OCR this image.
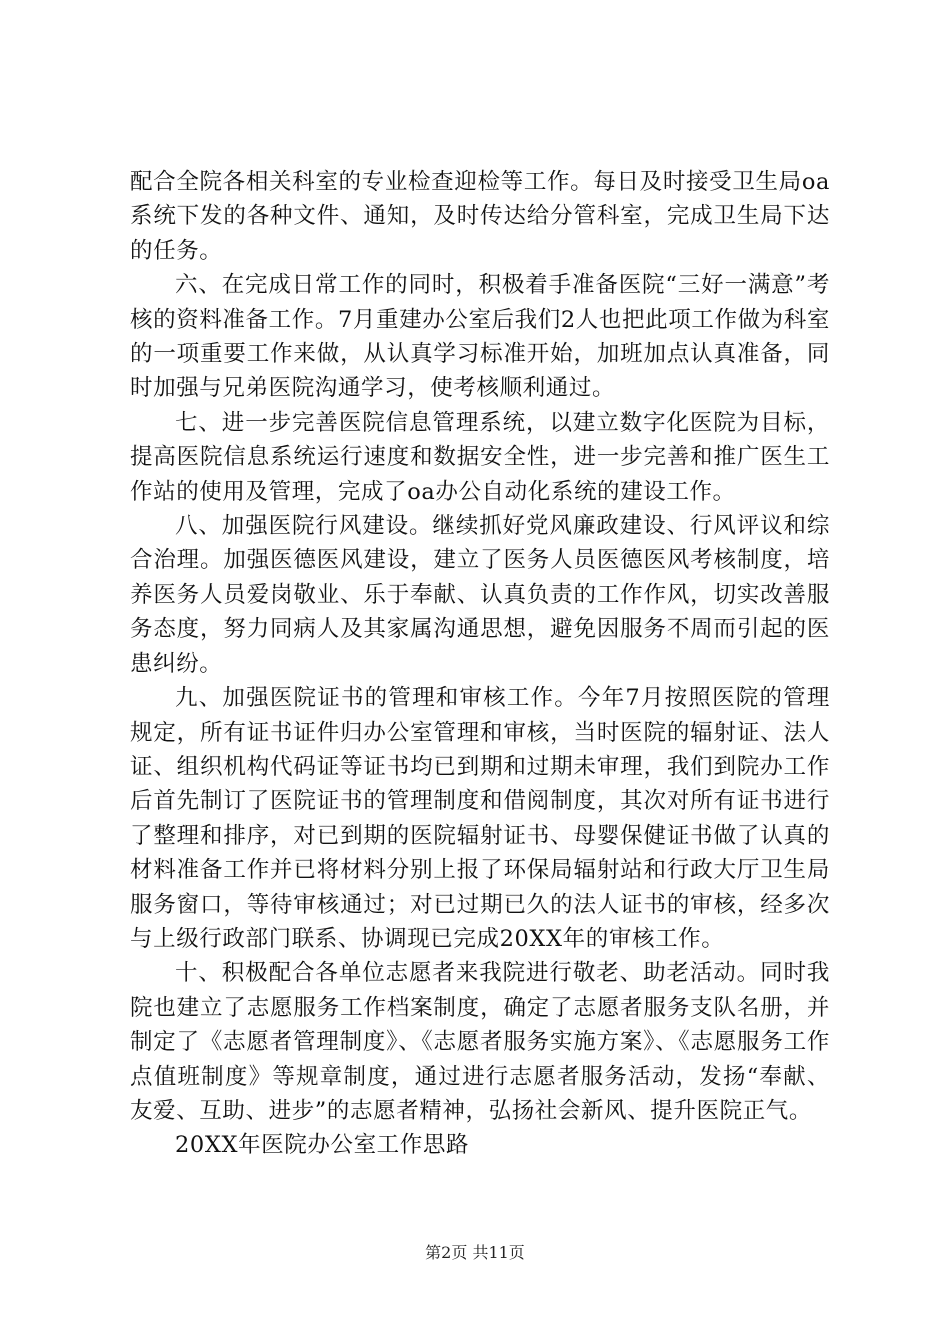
配合全院各相关科室的专业检查迎检等工作。每日及时接受卫生局oa系统下发的各种文件、通知，及时传达给分管科室，完成卫生局下达的任务。

六、在完成日常工作的同时，积极着手准备医院“三好一满意”考核的资料准备工作。7月重建办公室后我们2人也把此项工作做为科室的一项重要工作来做，从认真学习标准开始，加班加点认真准备，同时加强与兄弟医院沟通学习，使考核顺利通过。

七、进一步完善医院信息管理系统，以建立数字化医院为目标，提高医院信息系统运行速度和数据安全性，进一步完善和推广医生工作站的使用及管理，完成了oa办公自动化系统的建设工作。

八、加强医院行风建设。继续抓好党风廉政建设、行风评议和综合治理。加强医德医风建设，建立了医务人员医德医风考核制度，培养医务人员爱岗敬业、乐于奉献、认真负责的工作作风，切实改善服务态度，努力同病人及其家属沟通思想，避免因服务不周而引起的医患纠纷。

九、加强医院证书的管理和审核工作。今年7月按照医院的管理规定，所有证书证件归办公室管理和审核，当时医院的辐射证、法人证、组织机构代码证等证书均已到期和过期未审理，我们到院办工作后首先制订了医院证书的管理制度和借阅制度，其次对所有证书进行了整理和排序，对已到期的医院辐射证书、母婴保健证书做了认真的材料准备工作并已将材料分别上报了环保局辐射站和行政大厅卫生局服务窗口，等待审核通过；对已过期已久的法人证书的审核，经多次与上级行政部门联系、协调现已完成20XX年的审核工作。

十、积极配合各单位志愿者来我院进行敬老、助老活动。同时我院也建立了志愿服务工作档案制度，确定了志愿者服务支队名册，并制定了《志愿者管理制度》、《志愿者服务实施方案》、《志愿服务工作点值班制度》等规章制度，通过进行志愿者服务活动，发扬“奉献、友爱、互助、进步”的志愿者精神，弘扬社会新风、提升医院正气。

20XX年医院办公室工作思路

第2页 共11页
